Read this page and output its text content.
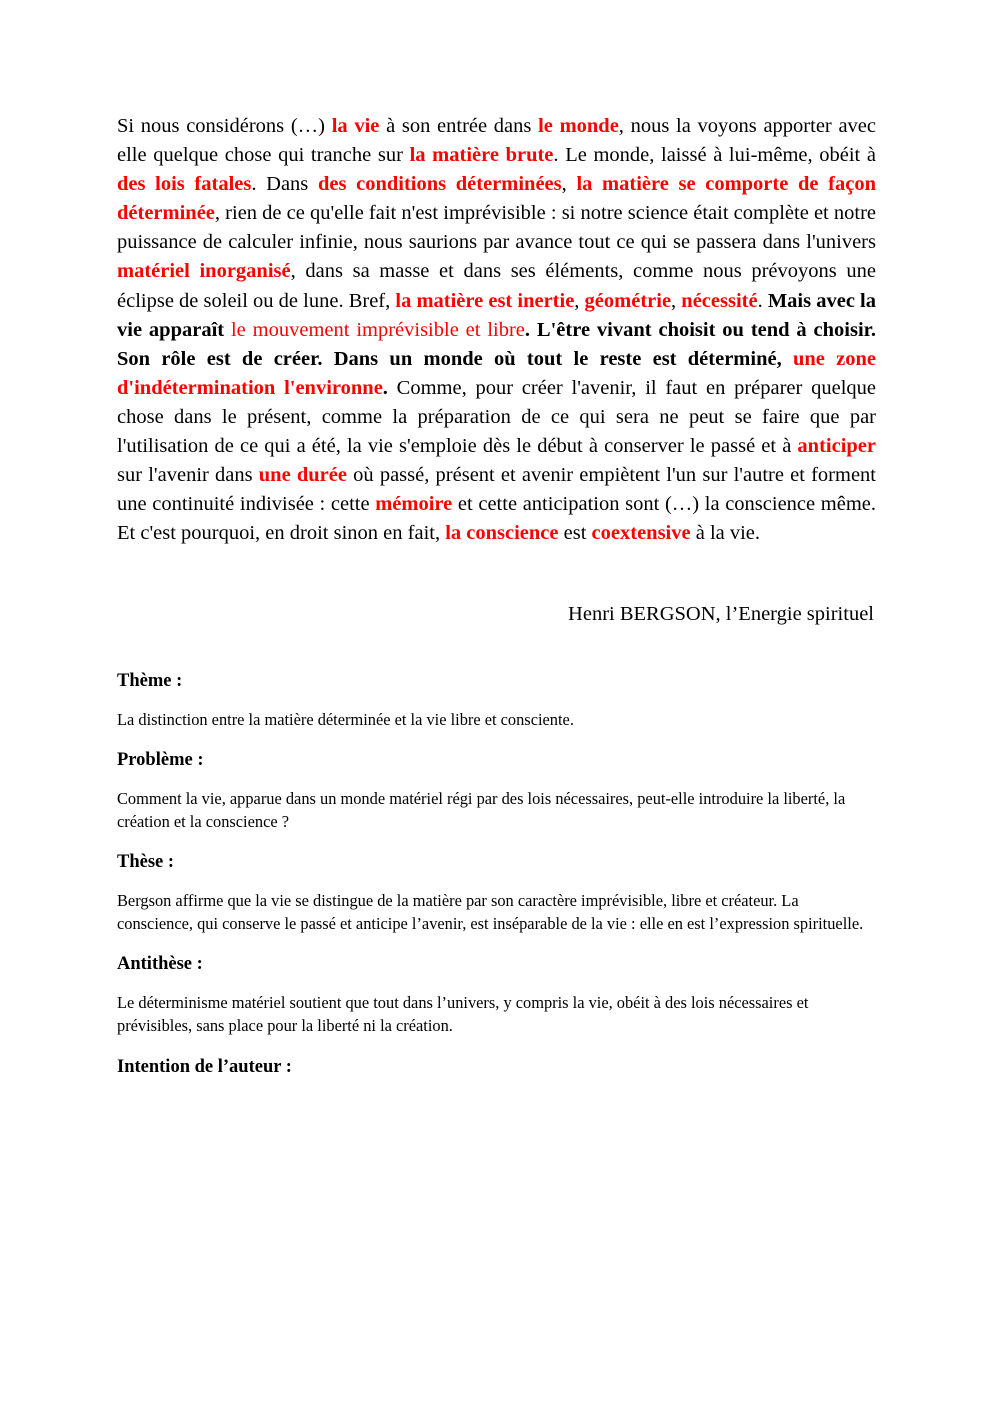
Si nous considérons (…) la vie à son entrée dans le monde, nous la voyons apporter avec elle quelque chose qui tranche sur la matière brute. Le monde, laissé à lui-même, obéit à des lois fatales. Dans des conditions déterminées, la matière se comporte de façon déterminée, rien de ce qu'elle fait n'est imprévisible : si notre science était complète et notre puissance de calculer infinie, nous saurions par avance tout ce qui se passera dans l'univers matériel inorganisé, dans sa masse et dans ses éléments, comme nous prévoyons une éclipse de soleil ou de lune. Bref, la matière est inertie, géométrie, nécessité. Mais avec la vie apparaît le mouvement imprévisible et libre. L'être vivant choisit ou tend à choisir. Son rôle est de créer. Dans un monde où tout le reste est déterminé, une zone d'indétermination l'environne. Comme, pour créer l'avenir, il faut en préparer quelque chose dans le présent, comme la préparation de ce qui sera ne peut se faire que par l'utilisation de ce qui a été, la vie s'emploie dès le début à conserver le passé et à anticiper sur l'avenir dans une durée où passé, présent et avenir empiètent l'un sur l'autre et forment une continuité indivisée : cette mémoire et cette anticipation sont (…) la conscience même. Et c'est pourquoi, en droit sinon en fait, la conscience est coextensive à la vie.

Henri BERGSON, l’Energie spirituel
Thème :
La distinction entre la matière déterminée et la vie libre et consciente.
Problème :
Comment la vie, apparue dans un monde matériel régi par des lois nécessaires, peut-elle introduire la liberté, la création et la conscience ?
Thèse :
Bergson affirme que la vie se distingue de la matière par son caractère imprévisible, libre et créateur. La conscience, qui conserve le passé et anticipe l’avenir, est inséparable de la vie : elle en est l’expression spirituelle.
Antithèse :
Le déterminisme matériel soutient que tout dans l’univers, y compris la vie, obéit à des lois nécessaires et prévisibles, sans place pour la liberté ni la création.
Intention de l’auteur :
